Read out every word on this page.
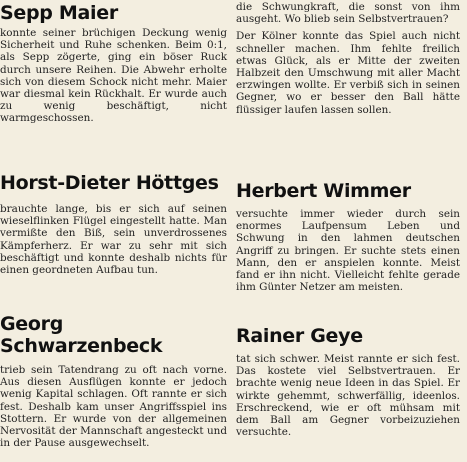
Sepp Maier

konnte seiner brüchigen Deckung wenig Sicherheit und Ruhe schenken. Beim 0:1, als Sepp zögerte, ging ein böser Ruck durch unsere Reihen. Die Abwehr erholte sich von diesem Schock nicht mehr. Maier war diesmal kein Rückhalt. Er wurde auch zu wenig beschäftigt, nicht warmgeschossen.

Horst-Dieter Höttges

brauchte lange, bis er sich auf seinen wieselflinken Flügel eingestellt hatte. Man vermißte den Biß, sein unverdrossenes Kämpferherz. Er war zu sehr mit sich beschäftigt und konnte deshalb nichts für einen geordneten Aufbau tun.

Georg Schwarzenbeck

trieb sein Tatendrang zu oft nach vorne. Aus diesen Ausflügen konnte er jedoch wenig Kapital schlagen. Oft rannte er sich fest. Deshalb kam unser Angriffsspiel ins Stottern. Er wurde von der allgemeinen Nervosität der Mannschaft angesteckt und in der Pause ausgewechselt.

die Schwungkraft, die sonst von ihm ausgeht. Wo blieb sein Selbstvertrauen?

Der Kölner konnte das Spiel auch nicht schneller machen. Ihm fehlte freilich etwas Glück, als er Mitte der zweiten Halbzeit den Umschwung mit aller Macht erzwingen wollte. Er verbiß sich in seinen Gegner, wo er besser den Ball hätte flüssiger laufen lassen sollen.

Herbert Wimmer

versuchte immer wieder durch sein enormes Laufpensum Leben und Schwung in den lahmen deutschen Angriff zu bringen. Er suchte stets einen Mann, den er anspielen konnte. Meist fand er ihn nicht. Vielleicht fehlte gerade ihm Günter Netzer am meisten.

Rainer Geye

tat sich schwer. Meist rannte er sich fest. Das kostete viel Selbstvertrauen. Er brachte wenig neue Ideen in das Spiel. Er wirkte gehemmt, schwerfällig, ideenlos. Erschreckend, wie er oft mühsam mit dem Ball am Gegner vorbeizuziehen versuchte.
